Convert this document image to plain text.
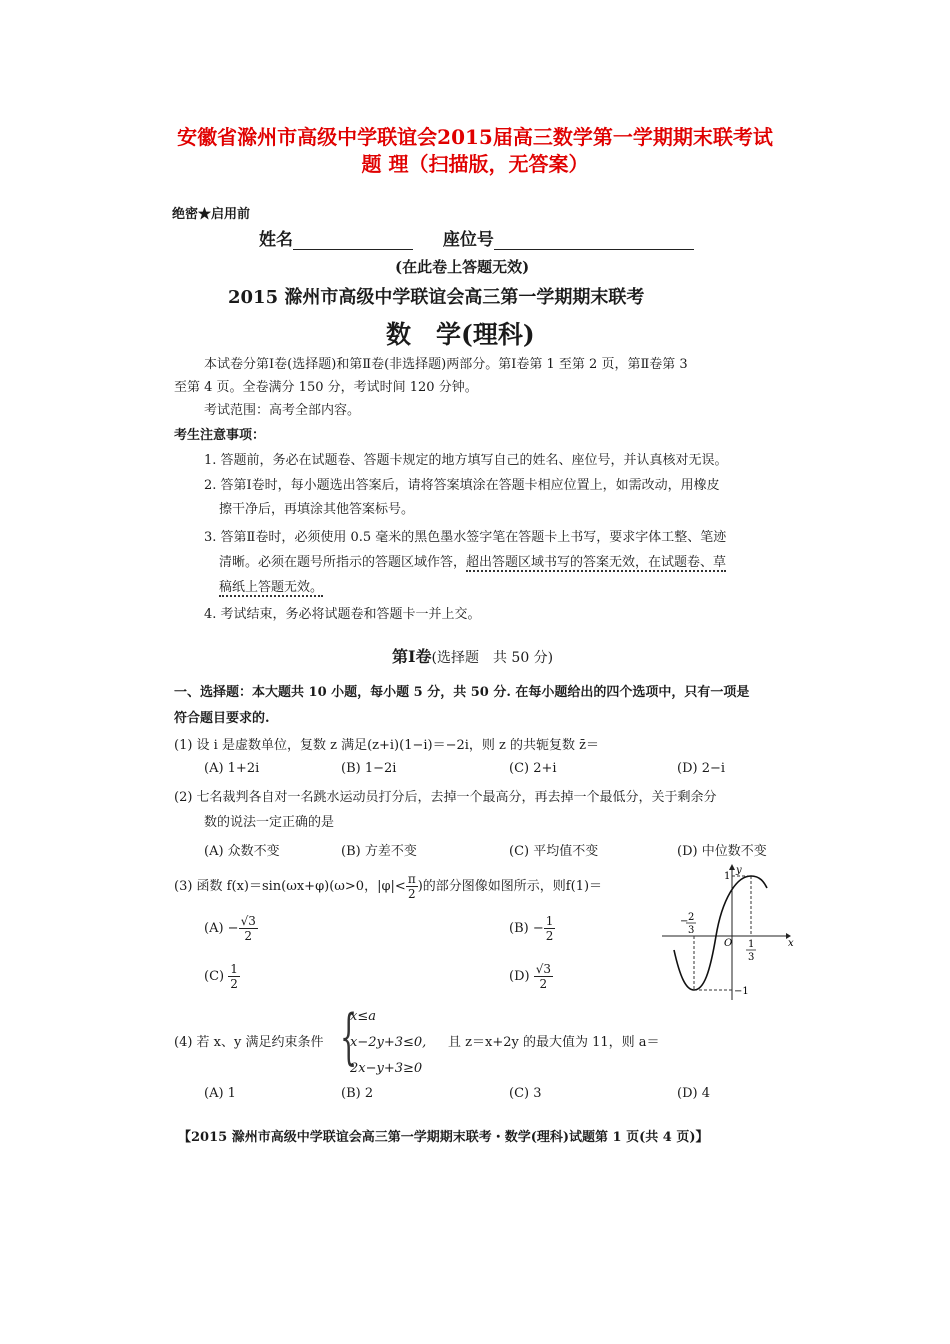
安徽省滁州市高级中学联谊会2015届高三数学第一学期期末联考试
题 理（扫描版，无答案）
绝密★启用前
姓名	座位号
(在此卷上答题无效)
2015 滁州市高级中学联谊会高三第一学期期末联考
数　学(理科)
本试卷分第Ⅰ卷(选择题)和第Ⅱ卷(非选择题)两部分。第Ⅰ卷第 1 至第 2 页，第Ⅱ卷第 3
至第 4 页。全卷满分 150 分，考试时间 120 分钟。
考试范围：高考全部内容。
考生注意事项：
1. 答题前，务必在试题卷、答题卡规定的地方填写自己的姓名、座位号，并认真核对无误。
2. 答第Ⅰ卷时，每小题选出答案后，请将答案填涂在答题卡相应位置上，如需改动，用橡皮
擦干净后，再填涂其他答案标号。
3. 答第Ⅱ卷时，必须使用 0.5 毫米的黑色墨水签字笔在答题卡上书写，要求字体工整、笔迹
清晰。必须在题号所指示的答题区域作答，超出答题区域书写的答案无效，在试题卷、草
稿纸上答题无效。
4. 考试结束，务必将试题卷和答题卡一并上交。
第Ⅰ卷(选择题　共 50 分)
一、选择题：本大题共 10 小题，每小题 5 分，共 50 分. 在每小题给出的四个选项中，只有一项是
符合题目要求的.
(1) 设 i 是虚数单位，复数 z 满足(z+i)(1−i)＝−2i，则 z 的共轭复数 z̄＝
(A) 1+2i	(B) 1−2i	(C) 2+i	(D) 2−i
(2) 七名裁判各自对一名跳水运动员打分后，去掉一个最高分，再去掉一个最低分，关于剩余分
数的说法一定正确的是
(A) 众数不变	(B) 方差不变	(C) 平均值不变	(D) 中位数不变
(3) 函数 f(x)＝sin(ωx+φ)(ω>0，$|\varphi|< \frac{\pi}{2}$ )的部分图像如图所示，则f(1)＝
$(A) - \frac{√3}{2}$	$(B) - \frac{1}{2}$
$(C) \frac{1}{2}$	$(D) \frac{√3}{2}$
1
y
x
O
−1
− 2
3
1
3
(4) 若 x、y 满足约束条件 {
x≤a
x−2y+3≤0,
2x−y+3≥0
且 z＝x+2y 的最大值为 11，则 a＝
(A) 1	(B) 2	(C) 3	(D) 4
【2015 滁州市高级中学联谊会高三第一学期期末联考・数学(理科)试题第 1 页(共 4 页)】
